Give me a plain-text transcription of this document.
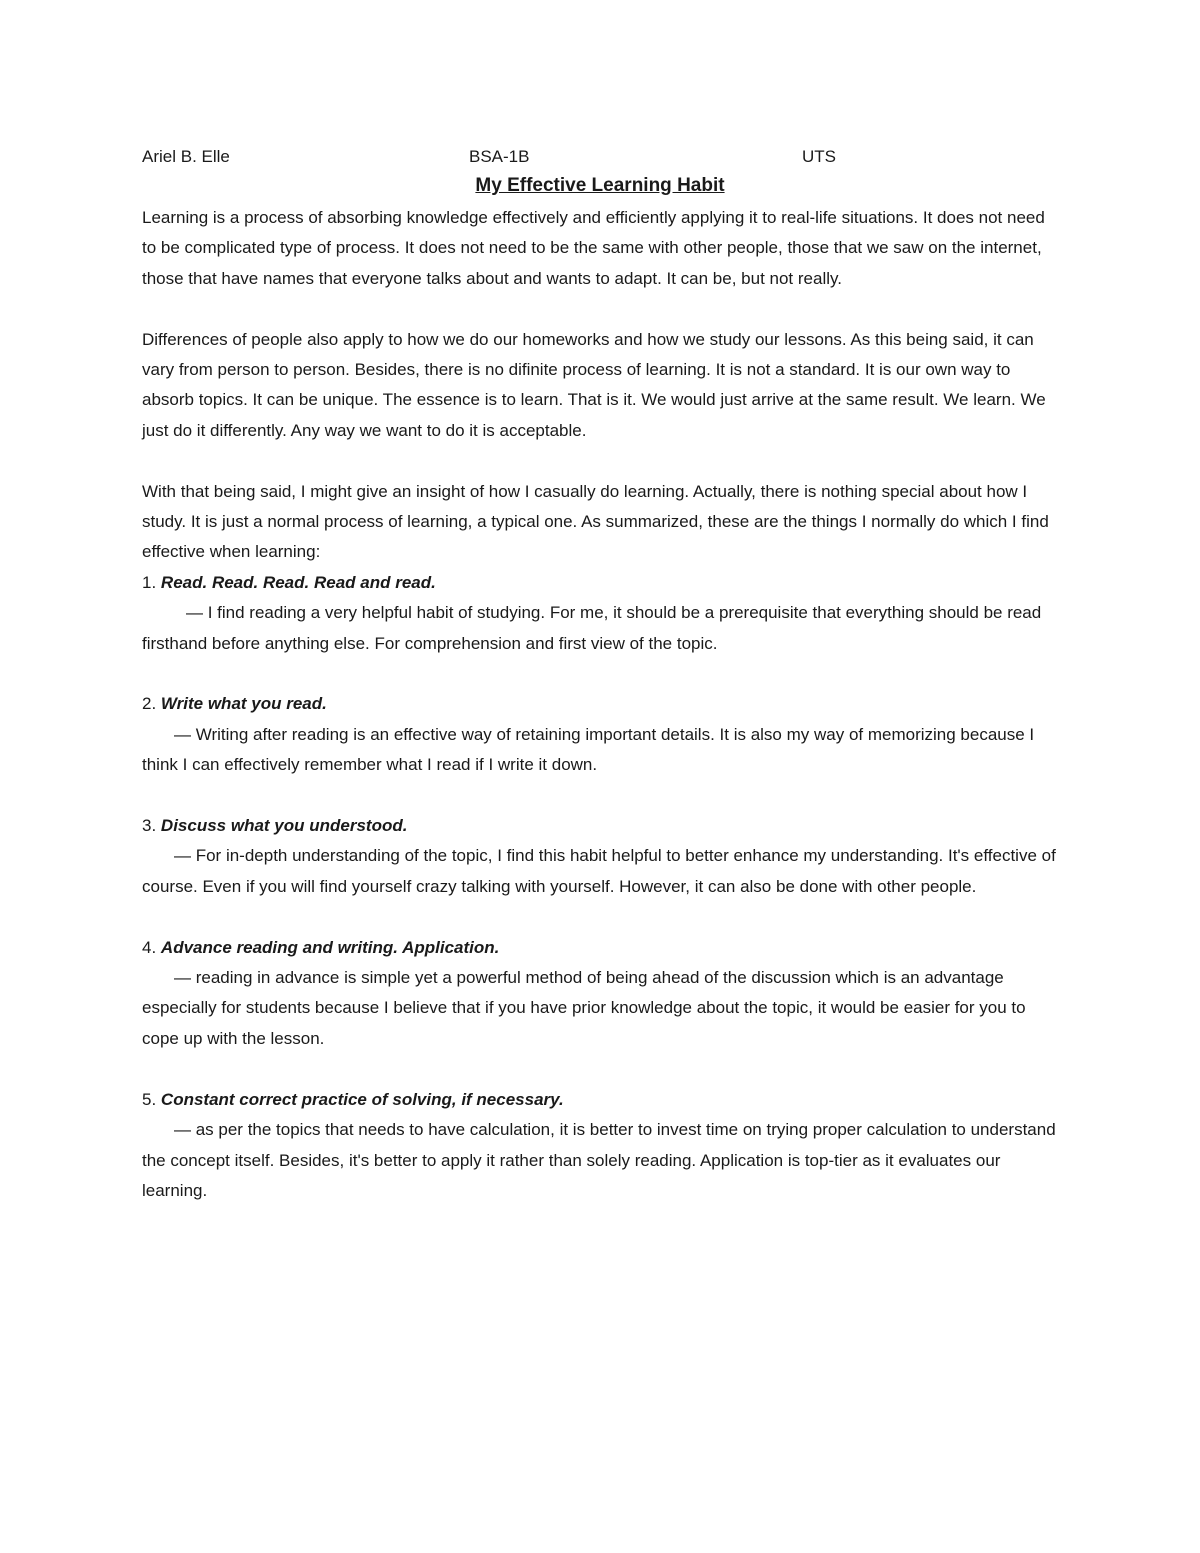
Ariel B. Elle	BSA-1B	UTS
My Effective Learning Habit

Learning is a process of absorbing knowledge effectively and efficiently applying it to real-life situations. It does not need to be complicated type of process. It does not need to be the same with other people, those that we saw on the internet, those that have names that everyone talks about and wants to adapt. It can be, but not really.

Differences of people also apply to how we do our homeworks and how we study our lessons. As this being said, it can vary from person to person. Besides, there is no difinite process of learning. It is not a standard. It is our own way to absorb topics. It can be unique. The essence is to learn. That is it. We would just arrive at the same result. We learn. We just do it differently. Any way we want to do it is acceptable.

With that being said, I might give an insight of how I casually do learning. Actually, there is nothing special about how I study. It is just a normal process of learning, a typical one. As summarized, these are the things I normally do which I find effective when learning:

1. Read. Read. Read. Read and read.

— I find reading a very helpful habit of studying. For me, it should be a prerequisite that everything should be read firsthand before anything else. For comprehension and first view of the topic.

2. Write what you read.

— Writing after reading is an effective way of retaining important details. It is also my way of memorizing because I think I can effectively remember what I read if I write it down.

3. Discuss what you understood.

— For in-depth understanding of the topic, I find this habit helpful to better enhance my understanding. It's effective of course. Even if you will find yourself crazy talking with yourself. However, it can also be done with other people.

4. Advance reading and writing. Application.

— reading in advance is simple yet a powerful method of being ahead of the discussion which is an advantage especially for students because I believe that if you have prior knowledge about the topic, it would be easier for you to cope up with the lesson.

5. Constant correct practice of solving, if necessary.

— as per the topics that needs to have calculation, it is better to invest time on trying proper calculation to understand the concept itself. Besides, it's better to apply it rather than solely reading. Application is top-tier as it evaluates our learning.
